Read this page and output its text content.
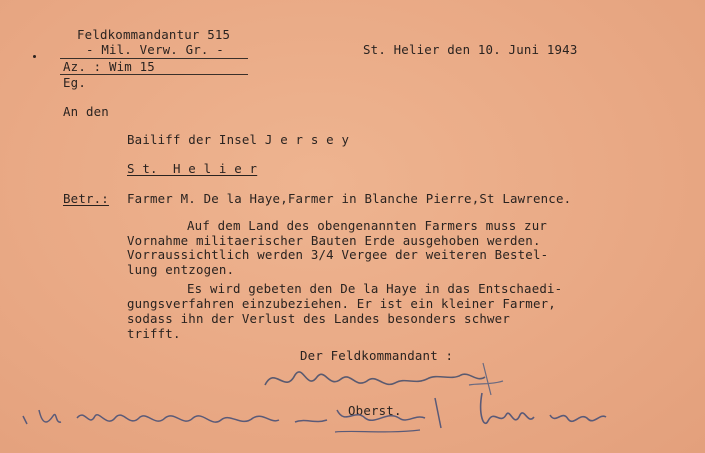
Feldkommandantur 515
- Mil. Verw. Gr. -
Az. : Wim 15
Eg.
St. Helier den 10. Juni 1943
An den
Bailiff der Insel J e r s e y
S t.  H e l i e r
Betr.: Farmer M. De la Haye,Farmer in Blanche Pierre,St Lawrence.
Auf dem Land des obengenannten Farmers muss zur
Vornahme militaerischer Bauten Erde ausgehoben werden.
Vorraussichtlich werden 3/4 Vergee der weiteren Bestel-
lung entzogen.
Es wird gebeten den De la Haye in das Entschaedi-
gungsverfahren einzubeziehen. Er ist ein kleiner Farmer,
sodass ihn der Verlust des Landes besonders schwer
trifft.
Der Feldkommandant :
Oberst.
